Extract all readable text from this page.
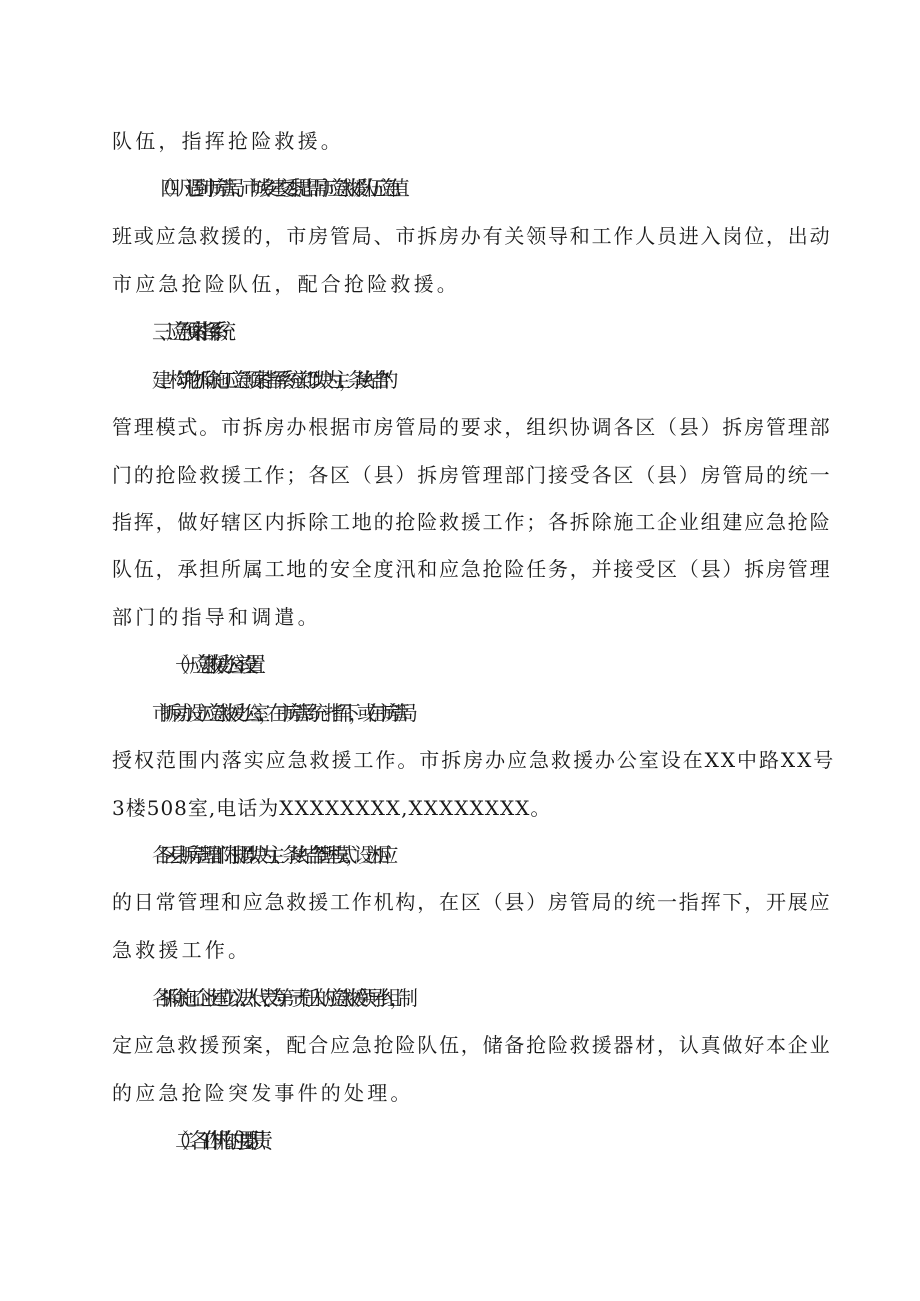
队伍，指挥抢险救援。

（四）凡遇到市房管局、市城乡建交委提出需市应急救援队伍应急值

班或应急救援的，市房管局、市拆房办有关领导和工作人员进入岗位，出动

市应急抢险队伍，配合抢险救援。

三、应急预案指挥系统

建、构筑物拆除施工应急预案指挥系统实行“以块为主，条块结合”的

管理模式。市拆房办根据市房管局的要求，组织协调各区（县）拆房管理部

门的抢险救援工作；各区（县）拆房管理部门接受各区（县）房管局的统一

指挥，做好辖区内拆除工地的抢险救援工作；各拆除施工企业组建应急抢险

队伍，承担所属工地的安全度汛和应急抢险任务，并接受区（县）拆房管理

部门的指导和调遣。

（一）应急救援办公室设置

市拆房办设立应急救援办公室，在市房管局统一指挥下，或在市房管局

授权范围内落实应急救援工作。市拆房办应急救援办公室设在XX中路XX号

3楼508室,电话为XXXXXXXX,XXXXXXXX。

各区县拆房管理部门根据“以块为主、条块结合”管理模式，设立相应

的日常管理和应急救援工作机构，在区（县）房管局的统一指挥下，开展应

急救援工作。

各拆除施工企业建立以法人代表为第一责任人的应急救援领导小组，制

定应急救援预案，配合应急抢险队伍，储备抢险救援器材，认真做好本企业

的应急抢险突发事件的处理。

（二）各工作机构的主要职责
